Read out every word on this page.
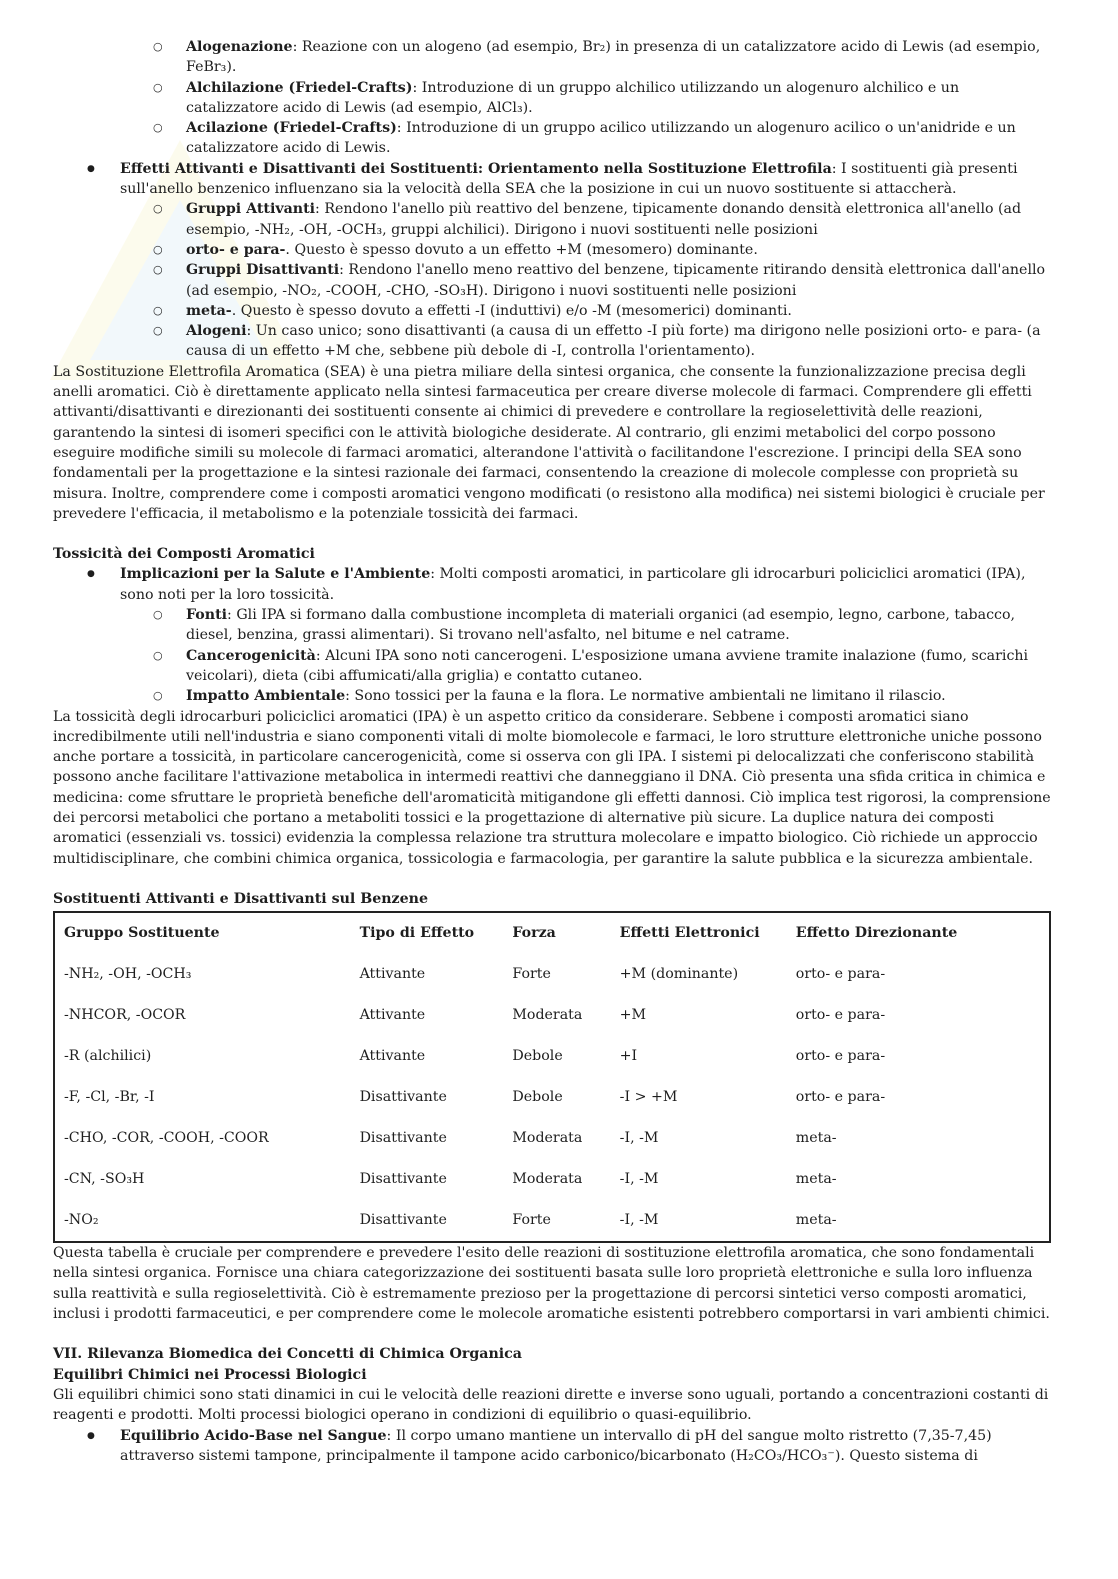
○ Alogenazione: Reazione con un alogeno (ad esempio, Br₂) in presenza di un catalizzatore acido di Lewis (ad esempio, FeBr₃).
○ Alchilazione (Friedel-Crafts): Introduzione di un gruppo alchilico utilizzando un alogenuro alchilico e un catalizzatore acido di Lewis (ad esempio, AlCl₃).
○ Acilazione (Friedel-Crafts): Introduzione di un gruppo acilico utilizzando un alogenuro acilico o un'anidride e un catalizzatore acido di Lewis.
● Effetti Attivanti e Disattivanti dei Sostituenti: Orientamento nella Sostituzione Elettrofila: I sostituenti già presenti sull'anello benzenico influenzano sia la velocità della SEA che la posizione in cui un nuovo sostituente si attaccherà.
○ Gruppi Attivanti: Rendono l'anello più reattivo del benzene, tipicamente donando densità elettronica all'anello (ad esempio, -NH₂, -OH, -OCH₃, gruppi alchilici). Dirigono i nuovi sostituenti nelle posizioni
○ orto- e para-. Questo è spesso dovuto a un effetto +M (mesomero) dominante.
○ Gruppi Disattivanti: Rendono l'anello meno reattivo del benzene, tipicamente ritirando densità elettronica dall'anello (ad esempio, -NO₂, -COOH, -CHO, -SO₃H). Dirigono i nuovi sostituenti nelle posizioni
○ meta-. Questo è spesso dovuto a effetti -I (induttivi) e/o -M (mesomerici) dominanti.
○ Alogeni: Un caso unico; sono disattivanti (a causa di un effetto -I più forte) ma dirigono nelle posizioni orto- e para- (a causa di un effetto +M che, sebbene più debole di -I, controlla l'orientamento).

La Sostituzione Elettrofila Aromatica (SEA) è una pietra miliare della sintesi organica, che consente la funzionalizzazione precisa degli anelli aromatici. Ciò è direttamente applicato nella sintesi farmaceutica per creare diverse molecole di farmaci. Comprendere gli effetti attivanti/disattivanti e direzionanti dei sostituenti consente ai chimici di prevedere e controllare la regioselettività delle reazioni, garantendo la sintesi di isomeri specifici con le attività biologiche desiderate. Al contrario, gli enzimi metabolici del corpo possono eseguire modifiche simili su molecole di farmaci aromatici, alterandone l'attività o facilitandone l'escrezione. I principi della SEA sono fondamentali per la progettazione e la sintesi razionale dei farmaci, consentendo la creazione di molecole complesse con proprietà su misura. Inoltre, comprendere come i composti aromatici vengono modificati (o resistono alla modifica) nei sistemi biologici è cruciale per prevedere l'efficacia, il metabolismo e la potenziale tossicità dei farmaci.

Tossicità dei Composti Aromatici

● Implicazioni per la Salute e l'Ambiente: Molti composti aromatici, in particolare gli idrocarburi policiclici aromatici (IPA), sono noti per la loro tossicità.
○ Fonti: Gli IPA si formano dalla combustione incompleta di materiali organici (ad esempio, legno, carbone, tabacco, diesel, benzina, grassi alimentari). Si trovano nell'asfalto, nel bitume e nel catrame.
○ Cancerogenicità: Alcuni IPA sono noti cancerogeni. L'esposizione umana avviene tramite inalazione (fumo, scarichi veicolari), dieta (cibi affumicati/alla griglia) e contatto cutaneo.
○ Impatto Ambientale: Sono tossici per la fauna e la flora. Le normative ambientali ne limitano il rilascio.

La tossicità degli idrocarburi policiclici aromatici (IPA) è un aspetto critico da considerare. Sebbene i composti aromatici siano incredibilmente utili nell'industria e siano componenti vitali di molte biomolecole e farmaci, le loro strutture elettroniche uniche possono anche portare a tossicità, in particolare cancerogenicità, come si osserva con gli IPA. I sistemi pi delocalizzati che conferiscono stabilità possono anche facilitare l'attivazione metabolica in intermedi reattivi che danneggiano il DNA. Ciò presenta una sfida critica in chimica e medicina: come sfruttare le proprietà benefiche dell'aromaticità mitigandone gli effetti dannosi. Ciò implica test rigorosi, la comprensione dei percorsi metabolici che portano a metaboliti tossici e la progettazione di alternative più sicure. La duplice natura dei composti aromatici (essenziali vs. tossici) evidenzia la complessa relazione tra struttura molecolare e impatto biologico. Ciò richiede un approccio multidisciplinare, che combini chimica organica, tossicologia e farmacologia, per garantire la salute pubblica e la sicurezza ambientale.

Sostituenti Attivanti e Disattivanti sul Benzene

Gruppo Sostituente	Tipo di Effetto	Forza	Effetti Elettronici	Effetto Direzionante
-NH₂, -OH, -OCH₃	Attivante	Forte	+M (dominante)	orto- e para-
-NHCOR, -OCOR	Attivante	Moderata	+M	orto- e para-
-R (alchilici)	Attivante	Debole	+I	orto- e para-
-F, -Cl, -Br, -I	Disattivante	Debole	-I > +M	orto- e para-
-CHO, -COR, -COOH, -COOR	Disattivante	Moderata	-I, -M	meta-
-CN, -SO₃H	Disattivante	Moderata	-I, -M	meta-
-NO₂	Disattivante	Forte	-I, -M	meta-

Questa tabella è cruciale per comprendere e prevedere l'esito delle reazioni di sostituzione elettrofila aromatica, che sono fondamentali nella sintesi organica. Fornisce una chiara categorizzazione dei sostituenti basata sulle loro proprietà elettroniche e sulla loro influenza sulla reattività e sulla regioselettività. Ciò è estremamente prezioso per la progettazione di percorsi sintetici verso composti aromatici, inclusi i prodotti farmaceutici, e per comprendere come le molecole aromatiche esistenti potrebbero comportarsi in vari ambienti chimici.

VII. Rilevanza Biomedica dei Concetti di Chimica Organica

Equilibri Chimici nei Processi Biologici

Gli equilibri chimici sono stati dinamici in cui le velocità delle reazioni dirette e inverse sono uguali, portando a concentrazioni costanti di reagenti e prodotti. Molti processi biologici operano in condizioni di equilibrio o quasi-equilibrio.

● Equilibrio Acido-Base nel Sangue: Il corpo umano mantiene un intervallo di pH del sangue molto ristretto (7,35-7,45) attraverso sistemi tampone, principalmente il tampone acido carbonico/bicarbonato (H₂CO₃/HCO₃⁻). Questo sistema di
